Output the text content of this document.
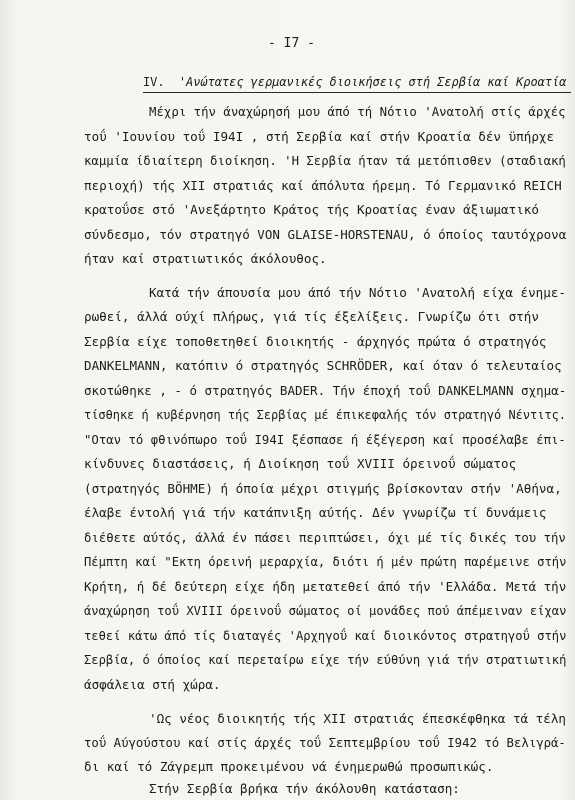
- I7 -
IV. 'Ανώτατες γερμανικές διοικήσεις στή Σερβία καί Κροατία
Μέχρι τήν άναχώρησή μου άπό τή Νότιο 'Ανατολή στίς άρχές
τοΰ 'Ιουνίου τοΰ I94I , στή Σερβία καί στήν Κροατία δέν ϋπήρχε
καμμία ίδιαίτερη διοίκηση. 'Η Σερβία ήταν τά μετόπισθεν (σταδιακή
περιοχή) τής XII στρατιάς καί άπόλυτα ήρεμη. Τό Γερμανικό REICH
κρατοΰσε στό 'Ανεξάρτητο Κράτος τής Κροατίας έναν άξιωματικό
σύνδεσμο, τόν στρατηγό VON GLAISE-HORSTENAU, ό όποίος ταυτόχρονα
ήταν καί στρατιωτικός άκόλουθος.
Κατά τήν άπουσία μου άπό τήν Νότιο 'Ανατολή είχα ένημε-
ρωθεί, άλλά ούχί πλήρως, γιά τίς έξελίξεις. Γνωρίζω ότι στήν
Σερβία είχε τοποθετηθεί διοικητής - άρχηγός πρώτα ό στρατηγός
DANKELMANN, κατόπιν ό στρατηγός SCHRÖDER, καί όταν ό τελευταίος
σκοτώθηκε , - ό στρατηγός BADER. Τήν έποχή τοΰ DANKELMANN σχημα-
τίσθηκε ή κυβέρνηση τής Σερβίας μέ έπικεφαλής τόν στρατηγό Νέντιτς.
"Οταν τό φθινόπωρο τοΰ I94I ξέσπασε ή έξέγερση καί προσέλαβε έπι-
κίνδυνες διαστάσεις, ή Διοίκηση τοΰ XVIII όρεινοΰ σώματος
(στρατηγός BÖHME) ή όποία μέχρι στιγμής βρίσκονταν στήν 'Αθήνα,
έλαβε έντολή γιά τήν κατάπνιξη αύτής. Δέν γνωρίζω τί δυνάμεις
διέθετε αύτός, άλλά έν πάσει περιπτώσει, όχι μέ τίς δικές του τήν
Πέμπτη καί "Εκτη όρεινή μεραρχία, διότι ή μέν πρώτη παρέμεινε στήν
Κρήτη, ή δέ δεύτερη είχε ήδη μετατεθεί άπό τήν 'Ελλάδα. Μετά τήν
άναχώρηση τοΰ XVIII όρεινοΰ σώματος οί μονάδες πού άπέμειναν είχαν
τεθεί κάτω άπό τίς διαταγές 'Αρχηγοΰ καί διοικόντος στρατηγοΰ στήν
Σερβία, ό όποίος καί περεταίρω είχε τήν εύθύνη γιά τήν στρατιωτική
άσφάλεια στή χώρα.
'Ως νέος διοικητής τής XII στρατιάς έπεσκέφθηκα τά τέλη
τοΰ Αύγούστου καί στίς άρχές τοΰ Σεπτεμβρίου τοΰ I942 τό Βελιγρά-
δι καί τό Ζάγρεμπ προκειμένου νά ένημερωθώ προσωπικώς.
Στήν Σερβία βρήκα τήν άκόλουθη κατάσταση:
